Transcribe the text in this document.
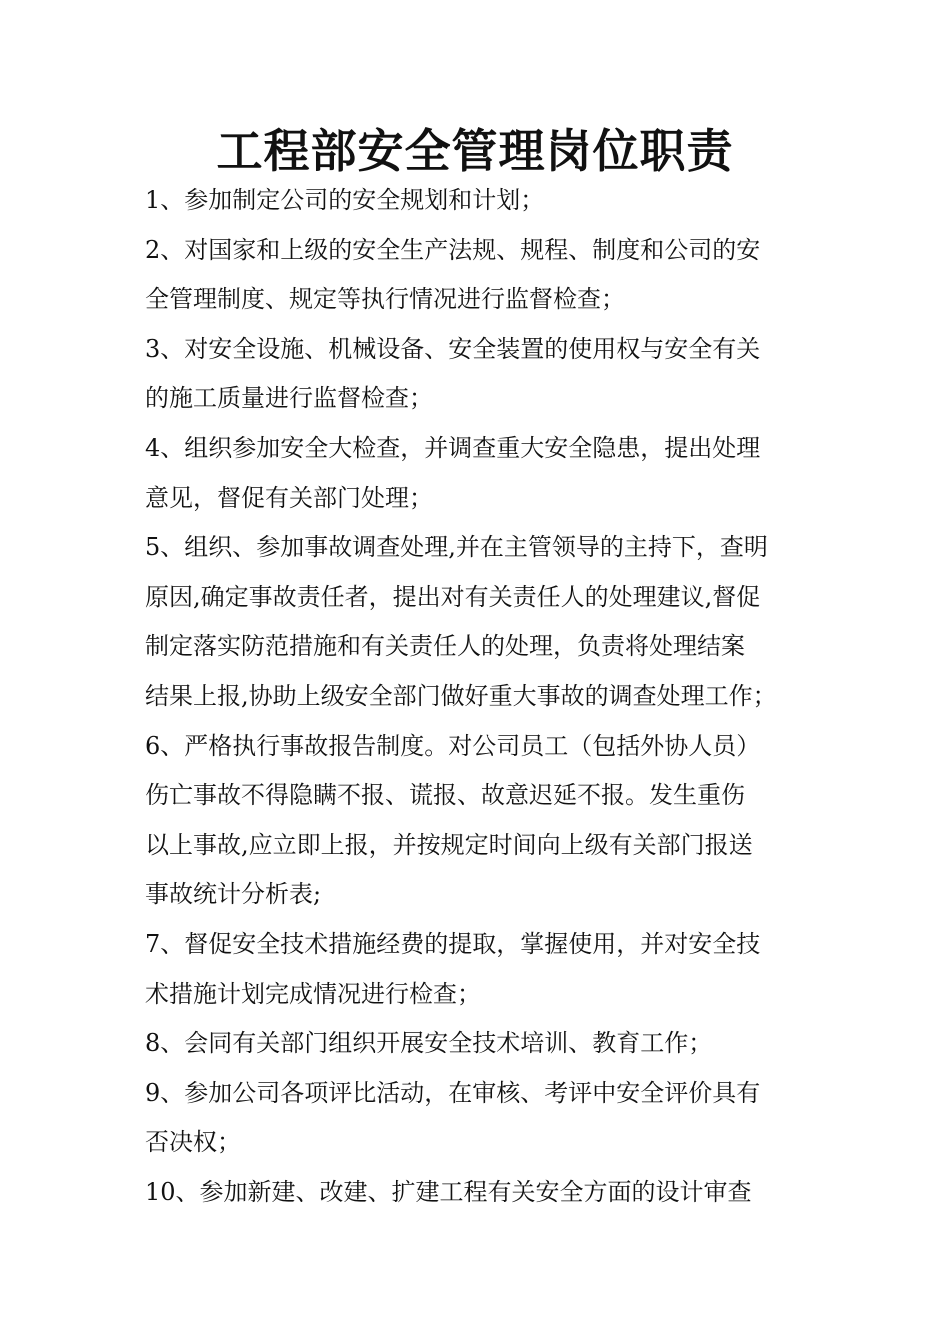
工程部安全管理岗位职责
1、参加制定公司的安全规划和计划；
2、对国家和上级的安全生产法规、规程、制度和公司的安
全管理制度、规定等执行情况进行监督检查；
3、对安全设施、机械设备、安全装置的使用权与安全有关
的施工质量进行监督检查；
4、组织参加安全大检查，并调查重大安全隐患，提出处理
意见，督促有关部门处理；
5、组织、参加事故调查处理,并在主管领导的主持下，查明
原因,确定事故责任者，提出对有关责任人的处理建议,督促
制定落实防范措施和有关责任人的处理，负责将处理结案
结果上报,协助上级安全部门做好重大事故的调查处理工作；
6、严格执行事故报告制度。对公司员工（包括外协人员）
伤亡事故不得隐瞒不报、谎报、故意迟延不报。发生重伤
以上事故,应立即上报，并按规定时间向上级有关部门报送
事故统计分析表;
7、督促安全技术措施经费的提取，掌握使用，并对安全技
术措施计划完成情况进行检查；
8、会同有关部门组织开展安全技术培训、教育工作；
9、参加公司各项评比活动，在审核、考评中安全评价具有
否决权；
10、参加新建、改建、扩建工程有关安全方面的设计审查
